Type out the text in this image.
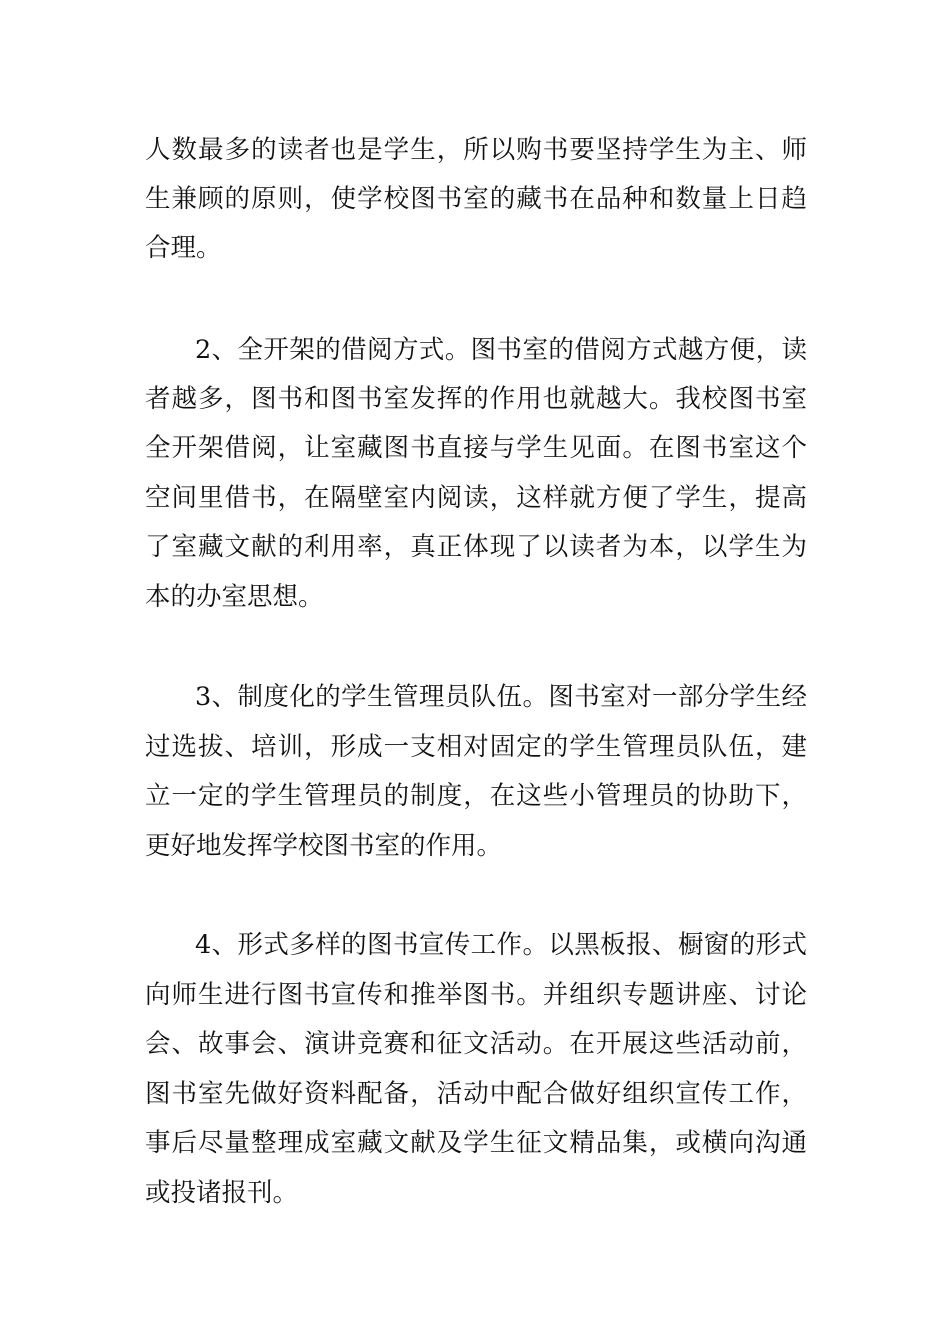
人数最多的读者也是学生，所以购书要坚持学生为主、师
生兼顾的原则，使学校图书室的藏书在品种和数量上日趋
合理。
2、全开架的借阅方式。图书室的借阅方式越方便，读
者越多，图书和图书室发挥的作用也就越大。我校图书室
全开架借阅，让室藏图书直接与学生见面。在图书室这个
空间里借书，在隔壁室内阅读，这样就方便了学生，提高
了室藏文献的利用率，真正体现了以读者为本，以学生为
本的办室思想。
3、制度化的学生管理员队伍。图书室对一部分学生经
过选拔、培训，形成一支相对固定的学生管理员队伍，建
立一定的学生管理员的制度，在这些小管理员的协助下，
更好地发挥学校图书室的作用。
4、形式多样的图书宣传工作。以黑板报、橱窗的形式
向师生进行图书宣传和推举图书。并组织专题讲座、讨论
会、故事会、演讲竞赛和征文活动。在开展这些活动前，
图书室先做好资料配备，活动中配合做好组织宣传工作，
事后尽量整理成室藏文献及学生征文精品集，或横向沟通
或投诸报刊。
